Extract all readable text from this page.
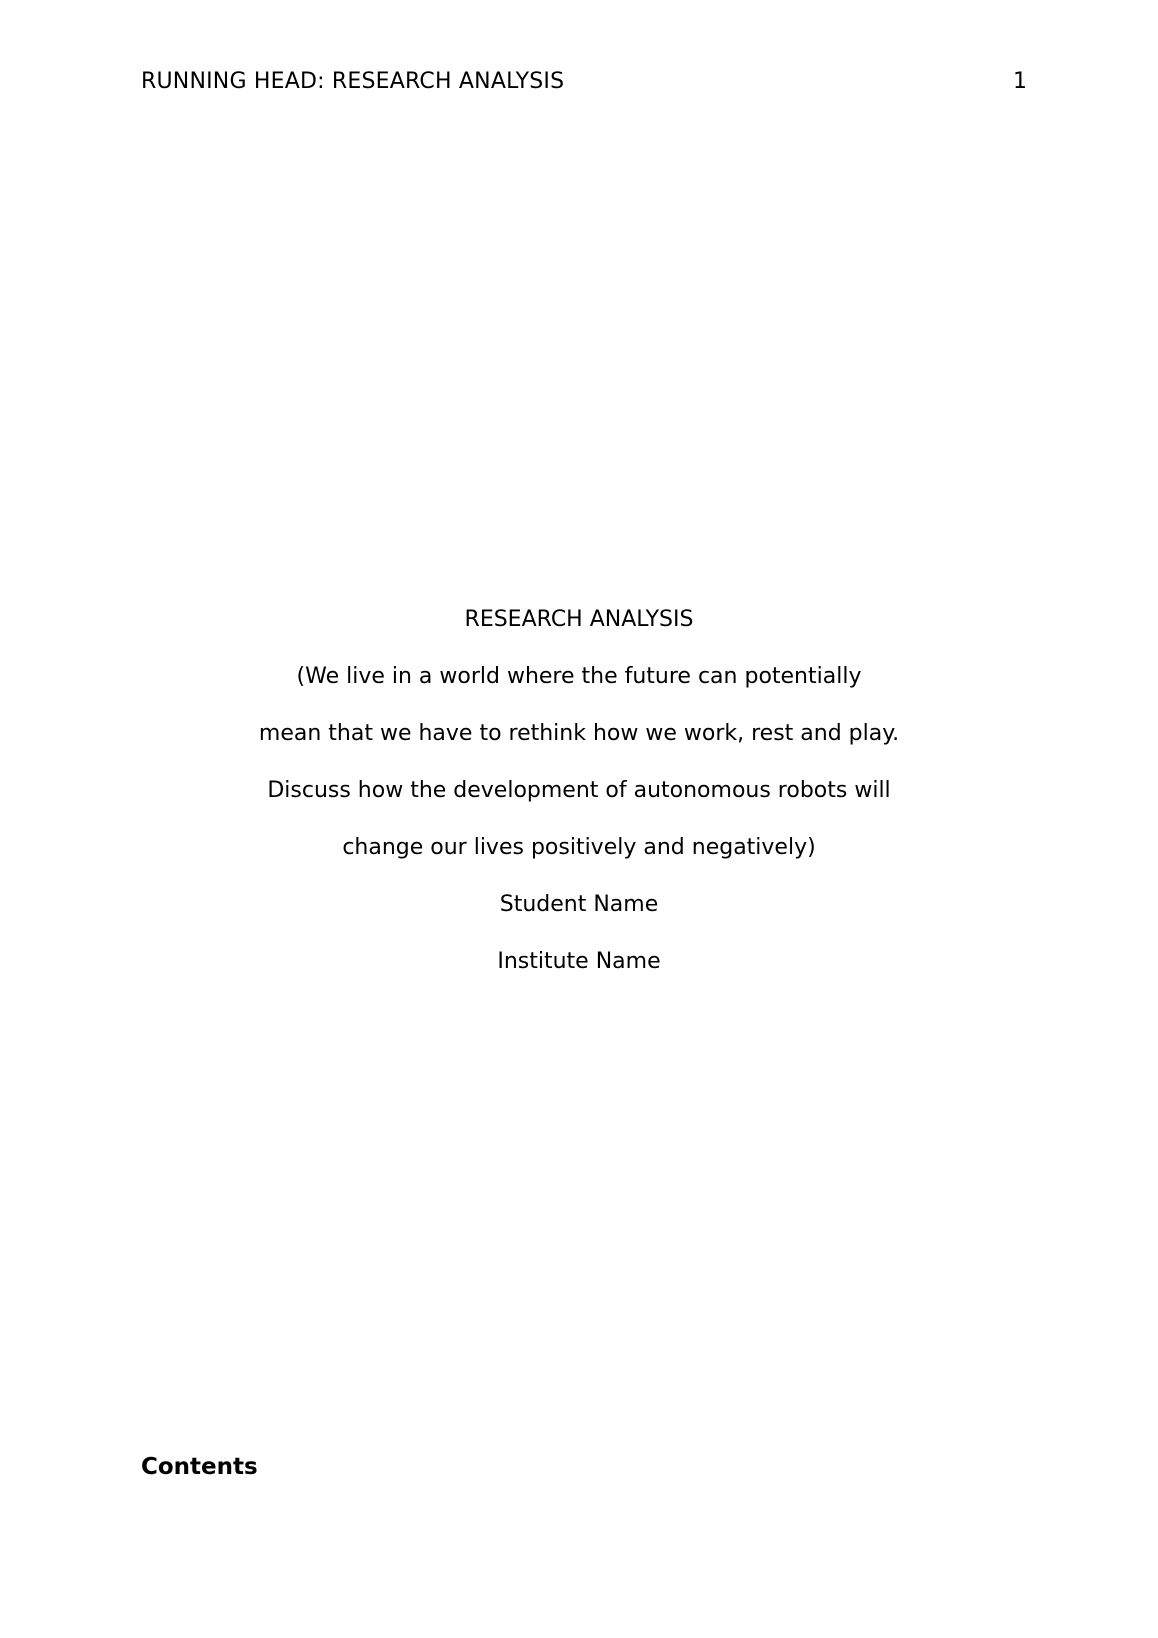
RUNNING HEAD: RESEARCH ANALYSIS	1
RESEARCH ANALYSIS
(We live in a world where the future can potentially
mean that we have to rethink how we work, rest and play.
Discuss how the development of autonomous robots will
change our lives positively and negatively)
Student Name
Institute Name
Contents
